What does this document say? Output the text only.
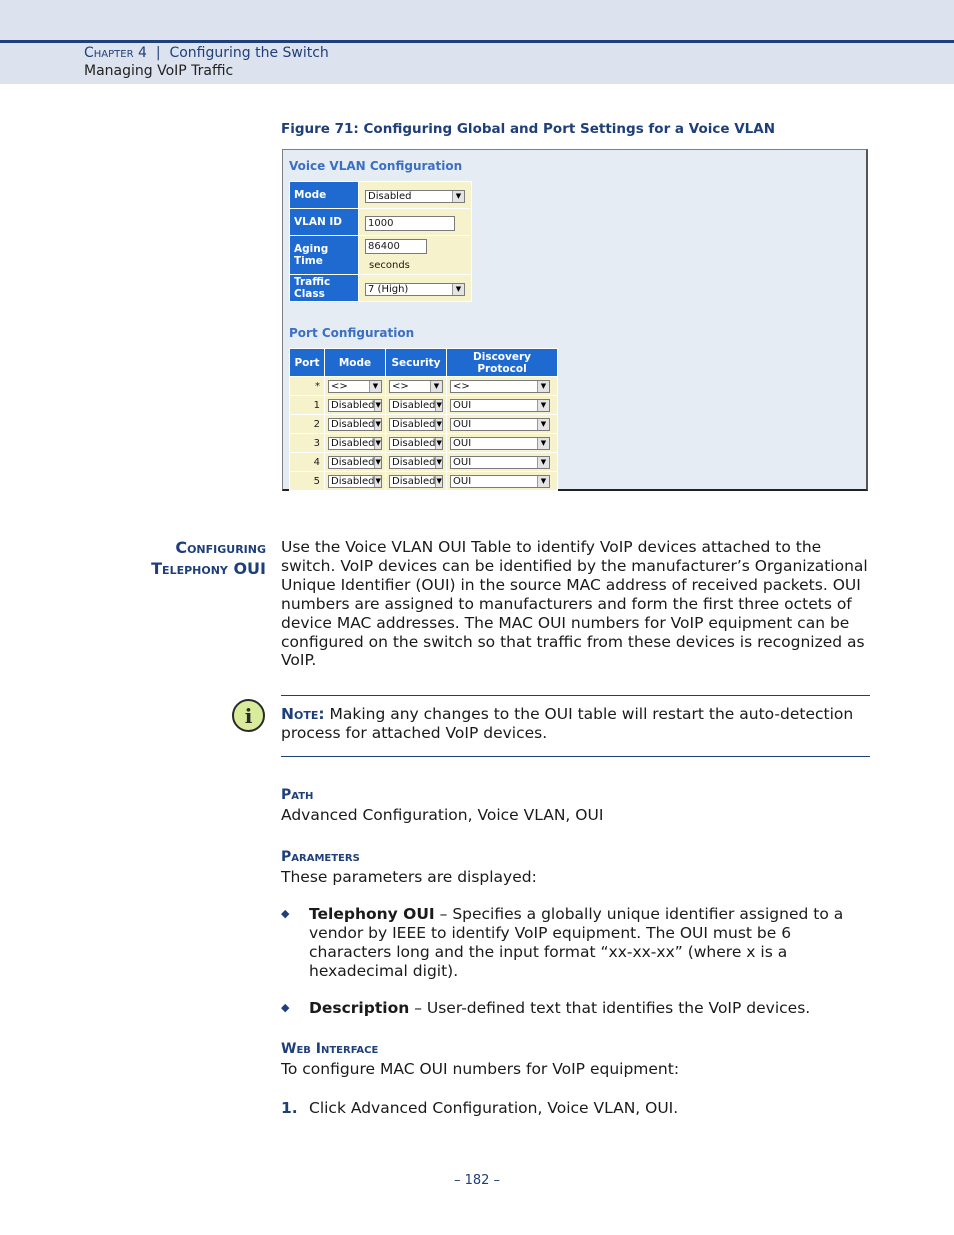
Chapter 4 | Configuring the Switch
Managing VoIP Traffic
Figure 71: Configuring Global and Port Settings for a Voice VLAN
Voice VLAN Configuration
Mode	Disabled ▼

VLAN ID	1000
Aging Time	86400seconds
Traffic Class	7 (High) ▼
Port Configuration
Port	Mode	Security	Discovery Protocol
*	<> ▼	<> ▼	<> ▼

1	Disabled ▼	Disabled ▼	OUI ▼

2	Disabled ▼	Disabled ▼	OUI ▼

3	Disabled ▼	Disabled ▼	OUI ▼

4	Disabled ▼	Disabled ▼	OUI ▼

5	Disabled ▼	Disabled ▼	OUI ▼
Configuring
Telephony OUI
Use the Voice VLAN OUI Table to identify VoIP devices attached to the switch. VoIP devices can be identified by the manufacturer’s Organizational Unique Identifier (OUI) in the source MAC address of received packets. OUI numbers are assigned to manufacturers and form the first three octets of device MAC addresses. The MAC OUI numbers for VoIP equipment can be configured on the switch so that traffic from these devices is recognized as VoIP.
i	Note: Making any changes to the OUI table will restart the auto-detection process for attached VoIP devices.
Path
Advanced Configuration, Voice VLAN, OUI
Parameters
These parameters are displayed:
◆ Telephony OUI – Specifies a globally unique identifier assigned to a vendor by IEEE to identify VoIP equipment. The OUI must be 6 characters long and the input format “xx-xx-xx” (where x is a hexadecimal digit).
◆ Description – User-defined text that identifies the VoIP devices.
Web Interface
To configure MAC OUI numbers for VoIP equipment:
1. Click Advanced Configuration, Voice VLAN, OUI.
– 182 –
